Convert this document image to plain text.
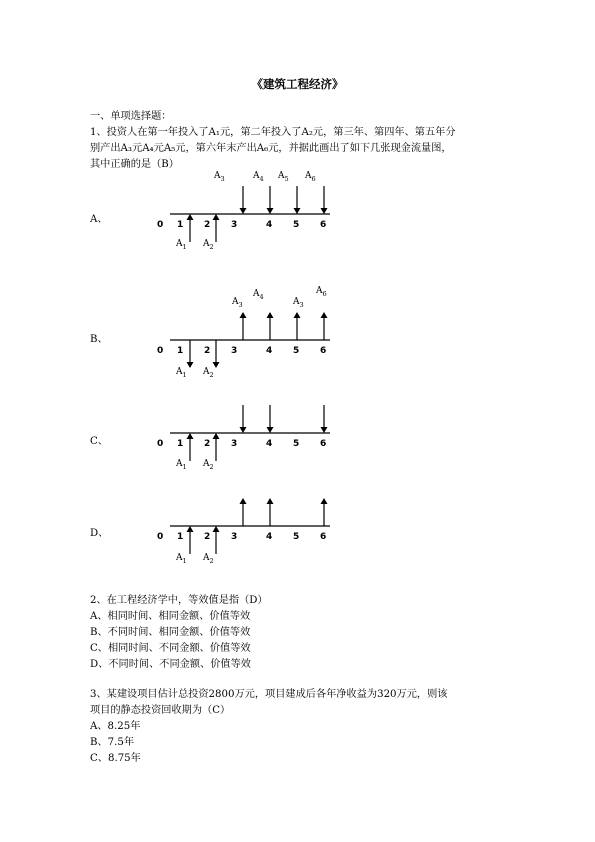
《建筑工程经济》
一、单项选择题：
1、投资人在第一年投入了A₁元，第二年投入了A₂元，第三年、第四年、第五年分
别产出A₃元A₄元A₅元，第六年末产出A₆元，并据此画出了如下几张现金流量图，
其中正确的是（B）
A、
B、
C、
D、
0 1 2 3	4 5 6
A 3	A 4 A 5 A 6
A 1 A 2
0 1 2 3	4 5 6
A 3
A 4	A 3
A 6
A 1 A 2
0 1 2 3	4 5 6
A 1 A 2
0 1 2 3	4 5 6
A 1 A 2
2、在工程经济学中，等效值是指（D）
A、相同时间、相同金额、价值等效
B、不同时间、相同金额、价值等效
C、相同时间、不同金额、价值等效
D、不同时间、不同金额、价值等效
3、某建设项目估计总投资2800万元，项目建成后各年净收益为320万元，则该
项目的静态投资回收期为（C）
A、8.25年
B、7.5年
C、8.75年
